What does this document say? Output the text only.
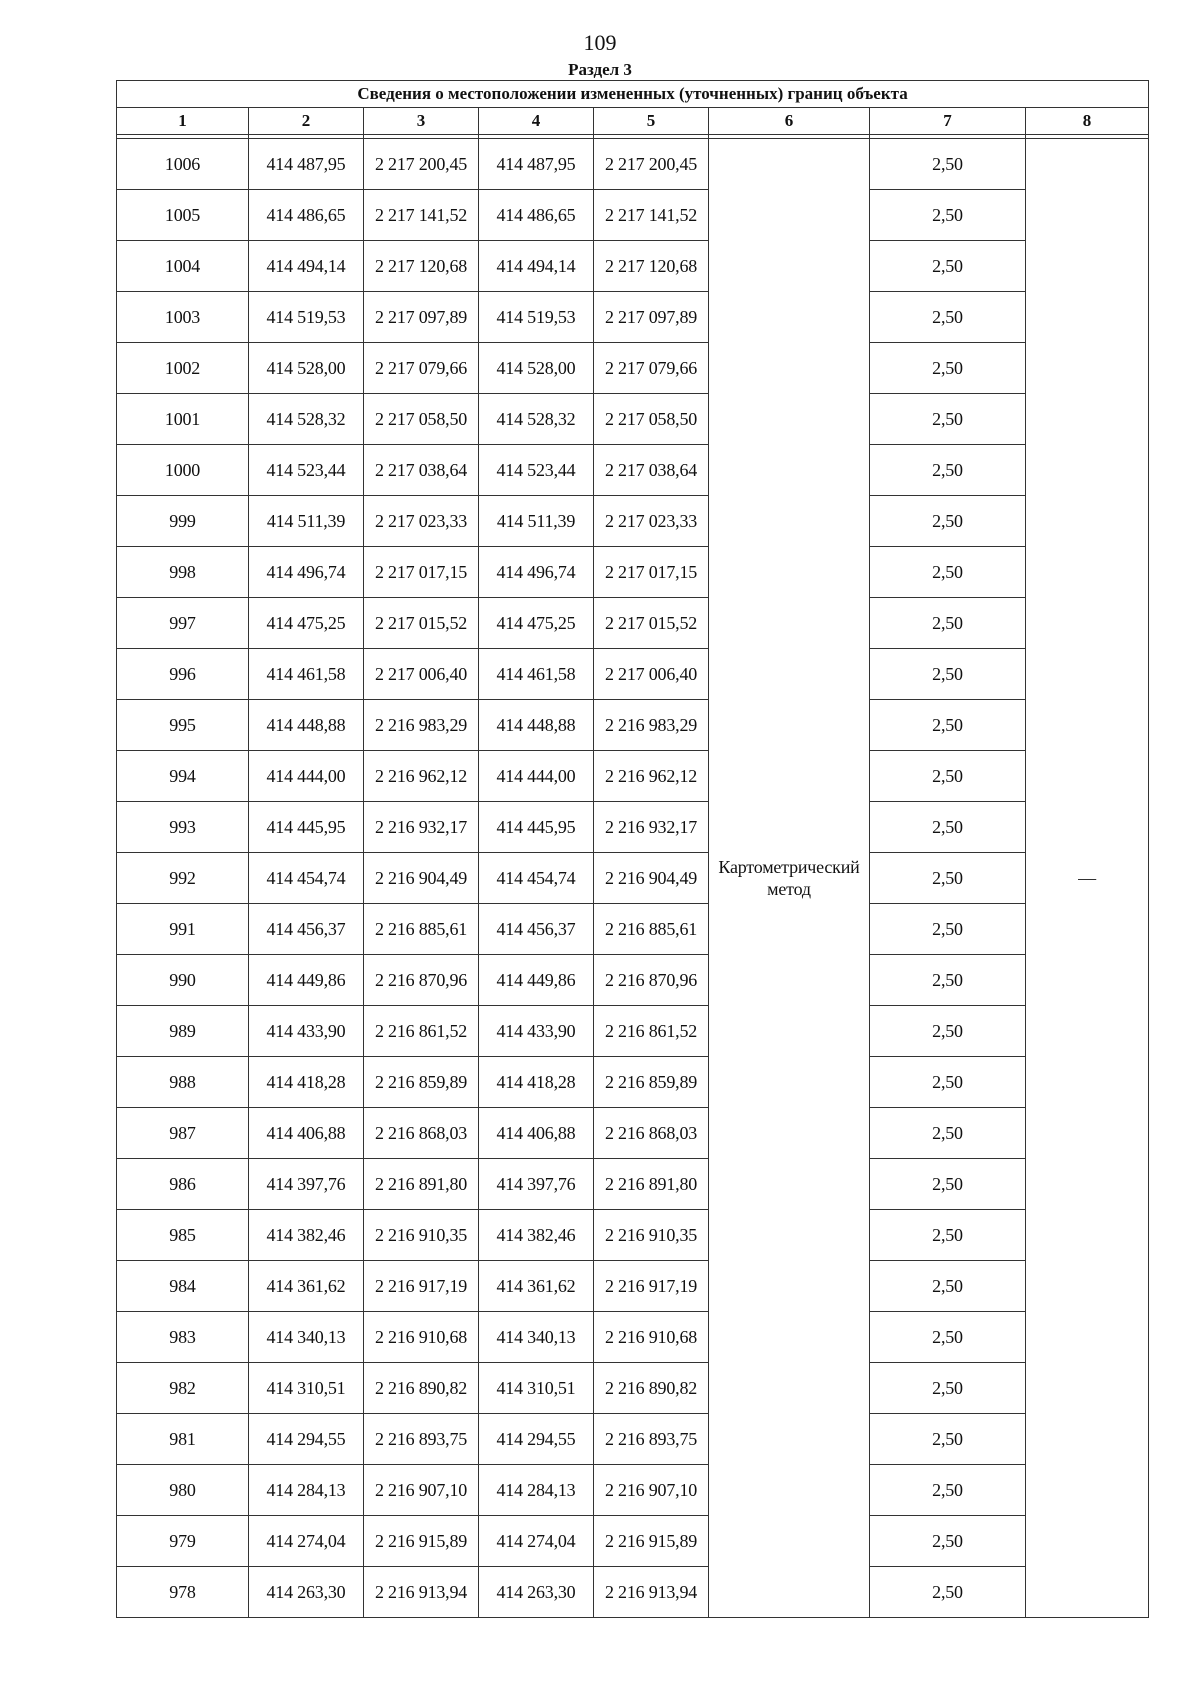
109
Раздел 3
Сведения о местоположении измененных (уточненных) границ объекта							
1	2	3	4	5	6	7	8

1006	414 487,95	2 217 200,45	414 487,95	2 217 200,45	Картометрический метод	2,50	—
1005	414 486,65	2 217 141,52	414 486,65	2 217 141,52		2,50	
1004	414 494,14	2 217 120,68	414 494,14	2 217 120,68		2,50	
1003	414 519,53	2 217 097,89	414 519,53	2 217 097,89		2,50	
1002	414 528,00	2 217 079,66	414 528,00	2 217 079,66		2,50	
1001	414 528,32	2 217 058,50	414 528,32	2 217 058,50		2,50	
1000	414 523,44	2 217 038,64	414 523,44	2 217 038,64		2,50	
999	414 511,39	2 217 023,33	414 511,39	2 217 023,33		2,50	
998	414 496,74	2 217 017,15	414 496,74	2 217 017,15		2,50	
997	414 475,25	2 217 015,52	414 475,25	2 217 015,52		2,50	
996	414 461,58	2 217 006,40	414 461,58	2 217 006,40		2,50	
995	414 448,88	2 216 983,29	414 448,88	2 216 983,29		2,50	
994	414 444,00	2 216 962,12	414 444,00	2 216 962,12		2,50	
993	414 445,95	2 216 932,17	414 445,95	2 216 932,17		2,50	
992	414 454,74	2 216 904,49	414 454,74	2 216 904,49		2,50	
991	414 456,37	2 216 885,61	414 456,37	2 216 885,61		2,50	
990	414 449,86	2 216 870,96	414 449,86	2 216 870,96		2,50	
989	414 433,90	2 216 861,52	414 433,90	2 216 861,52		2,50	
988	414 418,28	2 216 859,89	414 418,28	2 216 859,89		2,50	
987	414 406,88	2 216 868,03	414 406,88	2 216 868,03		2,50	
986	414 397,76	2 216 891,80	414 397,76	2 216 891,80		2,50	
985	414 382,46	2 216 910,35	414 382,46	2 216 910,35		2,50	
984	414 361,62	2 216 917,19	414 361,62	2 216 917,19		2,50	
983	414 340,13	2 216 910,68	414 340,13	2 216 910,68		2,50	
982	414 310,51	2 216 890,82	414 310,51	2 216 890,82		2,50	
981	414 294,55	2 216 893,75	414 294,55	2 216 893,75		2,50	
980	414 284,13	2 216 907,10	414 284,13	2 216 907,10		2,50	
979	414 274,04	2 216 915,89	414 274,04	2 216 915,89		2,50	
978	414 263,30	2 216 913,94	414 263,30	2 216 913,94		2,50	
